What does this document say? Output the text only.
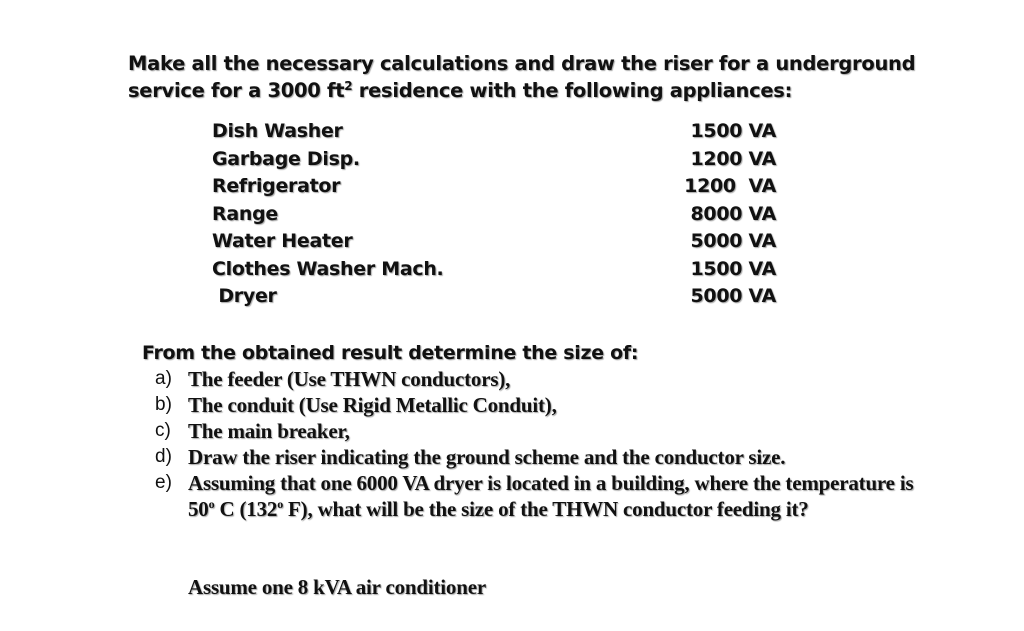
Make all the necessary calculations and draw the riser for a underground
service for a 3000 $ft^2$ residence with the following appliances:
Dish Washer	1500 VA
Garbage Disp.	1200 VA
Refrigerator	1200  VA
Range	8000 VA
Water Heater	5000 VA
Clothes Washer Mach.	1500 VA
Dryer	5000 VA
From the obtained result determine the size of:
a) The feeder (Use THWN conductors),
b) The conduit (Use Rigid Metallic Conduit),
c) The main breaker,
d) Draw the riser indicating the ground scheme and the conductor size.
e) Assuming that one 6000 VA dryer is located in a building, where the temperature is 50$^o$ C (132$^o$ F), what will be the size of the THWN conductor feeding it?
Assume one 8 kVA air conditioner
